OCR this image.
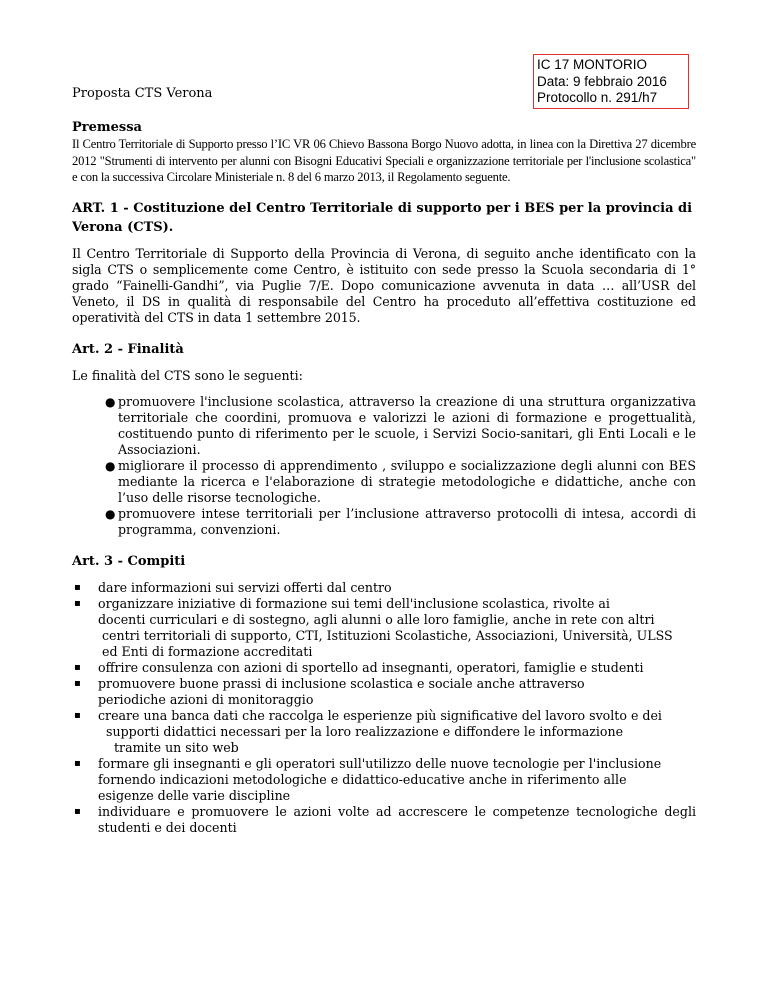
IC 17 MONTORIO
Data: 9 febbraio 2016
Protocollo n. 291/h7
Proposta CTS Verona
Premessa

Il Centro Territoriale di Supporto presso l’IC VR 06 Chievo Bassona Borgo Nuovo adotta, in linea con la Direttiva 27 dicembre 2012 "Strumenti di intervento per alunni con Bisogni Educativi Speciali e organizzazione territoriale per l'inclusione scolastica" e con la successiva Circolare Ministeriale n. 8 del 6 marzo 2013, il Regolamento seguente.

ART. 1 - Costituzione del Centro Territoriale di supporto per i BES per la provincia di Verona (CTS).

Il Centro Territoriale di Supporto della Provincia di Verona, di seguito anche identificato con la sigla CTS o semplicemente come Centro, è istituito con sede presso la Scuola secondaria di 1° grado “Fainelli-Gandhi”, via Puglie 7/E. Dopo comunicazione avvenuta in data … all’USR del Veneto, il DS in qualità di responsabile del Centro ha proceduto all’effettiva costituzione ed operatività del CTS in data 1 settembre 2015.

Art. 2 - Finalità
Le finalità del CTS sono le seguenti:
● promuovere l'inclusione scolastica, attraverso la creazione di una struttura organizzativa territoriale che coordini, promuova e valorizzi le azioni di formazione e progettualità, costituendo punto di riferimento per le scuole, i Servizi Socio-sanitari, gli Enti Locali e le Associazioni.
● migliorare il processo di apprendimento , sviluppo e socializzazione degli alunni con BES mediante la ricerca e l'elaborazione di strategie metodologiche e didattiche, anche con l’uso delle risorse tecnologiche.
● promuovere intese territoriali per l’inclusione attraverso protocolli di intesa, accordi di programma, convenzioni.
Art. 3 - Compiti
▪ dare informazioni sui servizi offerti dal centro
▪ organizzare iniziative di formazione sui temi dell'inclusione scolastica, rivolte ai
docenti curriculari e di sostegno, agli alunni o alle loro famiglie, anche in rete con altri
centri territoriali di supporto, CTI, Istituzioni Scolastiche, Associazioni, Università, ULSS
ed Enti di formazione accreditati
▪ offrire consulenza con azioni di sportello ad insegnanti, operatori, famiglie e studenti
▪ promuovere buone prassi di inclusione scolastica e sociale anche attraverso
periodiche azioni di monitoraggio
▪ creare una banca dati che raccolga le esperienze più significative del lavoro svolto e dei
supporti didattici necessari per la loro realizzazione e diffondere le informazione
tramite un sito web
▪ formare gli insegnanti e gli operatori sull'utilizzo delle nuove tecnologie per l'inclusione
fornendo indicazioni metodologiche e didattico-educative anche in riferimento alle
esigenze delle varie discipline
▪ individuare e promuovere le azioni volte ad accrescere le competenze tecnologiche degli studenti e dei docenti
